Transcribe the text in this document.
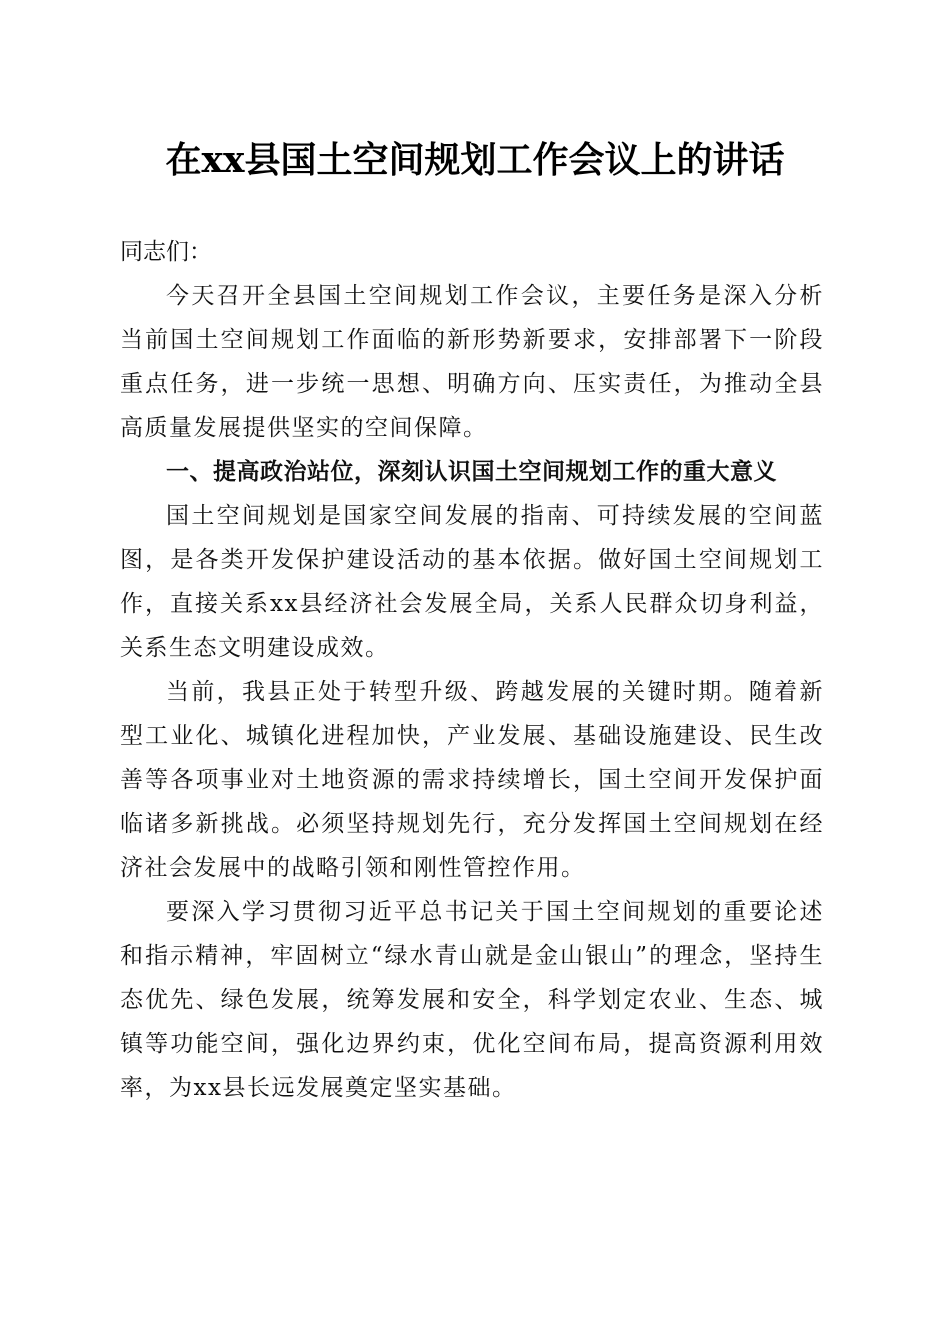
在xx县国土空间规划工作会议上的讲话

同志们：

今天召开全县国土空间规划工作会议，主要任务是深入分析当前国土空间规划工作面临的新形势新要求，安排部署下一阶段重点任务，进一步统一思想、明确方向、压实责任，为推动全县高质量发展提供坚实的空间保障。

一、提高政治站位，深刻认识国土空间规划工作的重大意义

国土空间规划是国家空间发展的指南、可持续发展的空间蓝图，是各类开发保护建设活动的基本依据。做好国土空间规划工作，直接关系xx县经济社会发展全局，关系人民群众切身利益，关系生态文明建设成效。

当前，我县正处于转型升级、跨越发展的关键时期。随着新型工业化、城镇化进程加快，产业发展、基础设施建设、民生改善等各项事业对土地资源的需求持续增长，国土空间开发保护面临诸多新挑战。必须坚持规划先行，充分发挥国土空间规划在经济社会发展中的战略引领和刚性管控作用。

要深入学习贯彻习近平总书记关于国土空间规划的重要论述和指示精神，牢固树立“绿水青山就是金山银山”的理念，坚持生态优先、绿色发展，统筹发展和安全，科学划定农业、生态、城镇等功能空间，强化边界约束，优化空间布局，提高资源利用效率，为xx县长远发展奠定坚实基础。
